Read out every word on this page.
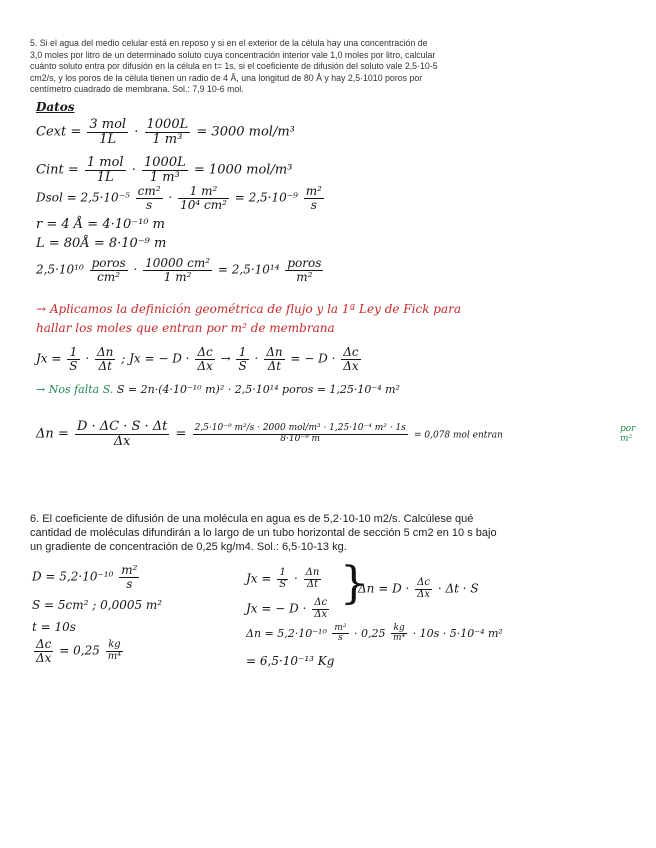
5. Si el agua del medio celular está en reposo y si en el exterior de la célula hay una concentración de
3,0 moles por litro de un determinado soluto cuya concentración interior vale 1,0 moles por litro, calcular
cuánto soluto entra por difusión en la célula en t= 1s, si el coeficiente de difusión del soluto vale 2,5·10-5
cm2/s, y los poros de la célula tienen un radio de 4 Å, una longitud de 80 Å y hay 2,5·1010 poros por
centímetro cuadrado de membrana. Sol.: 7,9 10-6 mol.
Datos
Cext = $\frac{\text{3 mol}}{1L} \cdot \frac{1000L}{\text{1 m³}} = 3000$ mol/m³
Cint = $\frac{\text{1 mol}}{1L} \cdot \frac{1000L}{\text{1 m³}} = 1000$ mol/m³
Dsol = $2,5\cdot 10^{-5} \frac{\text{cm²}}{s} \cdot \frac{\text{1 m²}}{\text{10⁴ cm²}} = 2,5\cdot 10^{-9} \frac{\text{m²}}{s}$
r = 4 Å = 4·10⁻¹⁰ m
L = 80Å = 8·10⁻⁹ m
$2,5\cdot 10^{10} \frac{\text{poros}}{\text{cm²}} \cdot \frac{\text{10000 cm²}}{\text{1 m²}} = 2,5\cdot 10^{14} \frac{\text{poros}}{\text{m²}}$
→ Aplicamos la definición geométrica de flujo y la 1ª Ley de Fick para
hallar los moles que entran por m² de membrana
$Jx = \frac{1}{S} \cdot \frac{\Delta n}{\Delta t}$ ; Jx = − $D \cdot \frac{\Delta c}{\Delta x} \to \frac{1}{S} \cdot \frac{\Delta n}{\Delta t}$ = − $D \cdot \frac{\Delta c}{\Delta x}$
→ Nos falta S. S = 2n·(4·10⁻¹⁰ m)² · 2,5·10¹⁴ poros = 1,25·10⁻⁴ m²
$\Delta n = \frac{D \cdot \Delta C \cdot S \cdot \Delta t}{\Delta x} = \frac{\text{2,5·10⁻⁹ m²/s · 2000 mol/m³ · 1,25·10⁻⁴ m² · 1s}}{\text{8·10⁻⁹ m}} = 0,078$ mol entran
por m²
6. El coeficiente de difusión de una molécula en agua es de 5,2·10-10 m2/s. Calcúlese qué
cantidad de moléculas difundirán a lo largo de un tubo horizontal de sección 5 cm2 en 10 s bajo
un gradiente de concentración de 0,25 kg/m4. Sol.: 6,5·10-13 kg.
$D = 5,2\cdot 10^{-10} \frac{\text{m²}}{s}$
S = 5cm² ; 0,0005 m²
t = 10s
$\frac{\Delta c}{\Delta x} = 0,25 \frac{kg}{\text{m⁴}}$
$Jx = \frac{1}{S} \cdot \frac{\Delta n}{\Delta t}$
Jx = − $D \cdot \frac{\Delta c}{\Delta x}$ }
$\Delta n = D \cdot \frac{\Delta c}{\Delta x} \cdot \Delta t \cdot S$
$\Delta n = 5,2\cdot 10^{-10} \frac{\text{m²}}{s} \cdot 0,25 \frac{kg}{\text{m⁴}} \cdot 10s \cdot 5\cdot 10^{-4}$ m²
= 6,5·10⁻¹³ Kg
